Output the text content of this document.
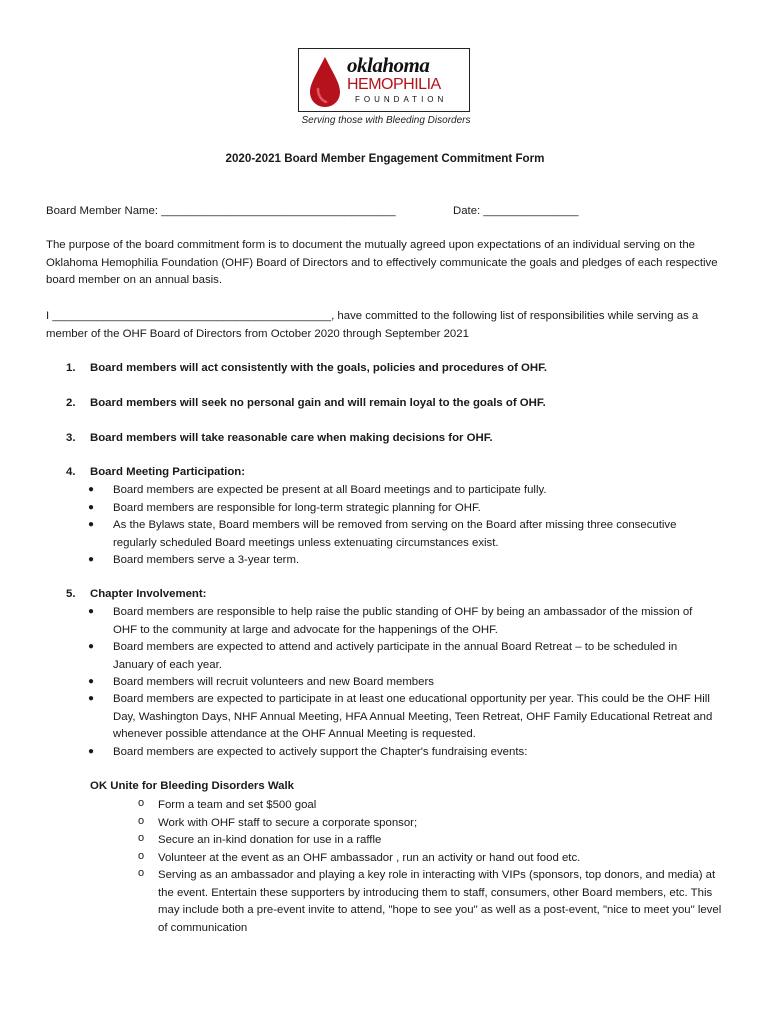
oklahoma
HEMOPHILIA
FOUNDATION
Serving those with Bleeding Disorders
2020-2021 Board Member Engagement Commitment Form
Board Member Name: _____________________________________	Date: _______________
The purpose of the board commitment form is to document the mutually agreed upon expectations of an individual serving on the Oklahoma Hemophilia Foundation (OHF) Board of Directors and to effectively communicate the goals and pledges of each respective board member on an annual basis.
I ____________________________________________, have committed to the following list of responsibilities while serving as a member of the OHF Board of Directors from October 2020 through September 2021
1. Board members will act consistently with the goals, policies and procedures of OHF.
2. Board members will seek no personal gain and will remain loyal to the goals of OHF.
3. Board members will take reasonable care when making decisions for OHF.
4. Board Meeting Participation:
●	Board members are expected be present at all Board meetings and to participate fully.
●	Board members are responsible for long-term strategic planning for OHF.
●	As the Bylaws state, Board members will be removed from serving on the Board after missing three consecutive regularly scheduled Board meetings unless extenuating circumstances exist.
●	Board members serve a 3-year term.
5. Chapter Involvement:
●	Board members are responsible to help raise the public standing of OHF by being an ambassador of the mission of OHF to the community at large and advocate for the happenings of the OHF.
●	Board members are expected to attend and actively participate in the annual Board Retreat – to be scheduled in January of each year.
●	Board members will recruit volunteers and new Board members
●	Board members are expected to participate in at least one educational opportunity per year. This could be the OHF Hill Day, Washington Days, NHF Annual Meeting, HFA Annual Meeting, Teen Retreat, OHF Family Educational Retreat and whenever possible attendance at the OHF Annual Meeting is requested.
●	Board members are expected to actively support the Chapter's fundraising events:
OK Unite for Bleeding Disorders Walk
o Form a team and set $500 goal
o Work with OHF staff to secure a corporate sponsor;
o Secure an in-kind donation for use in a raffle
o Volunteer at the event as an OHF ambassador , run an activity or hand out food etc.
o Serving as an ambassador and playing a key role in interacting with VIPs (sponsors, top donors, and media) at the event. Entertain these supporters by introducing them to staff, consumers, other Board members, etc. This may include both a pre-event invite to attend, "hope to see you" as well as a post-event, "nice to meet you" level of communication
